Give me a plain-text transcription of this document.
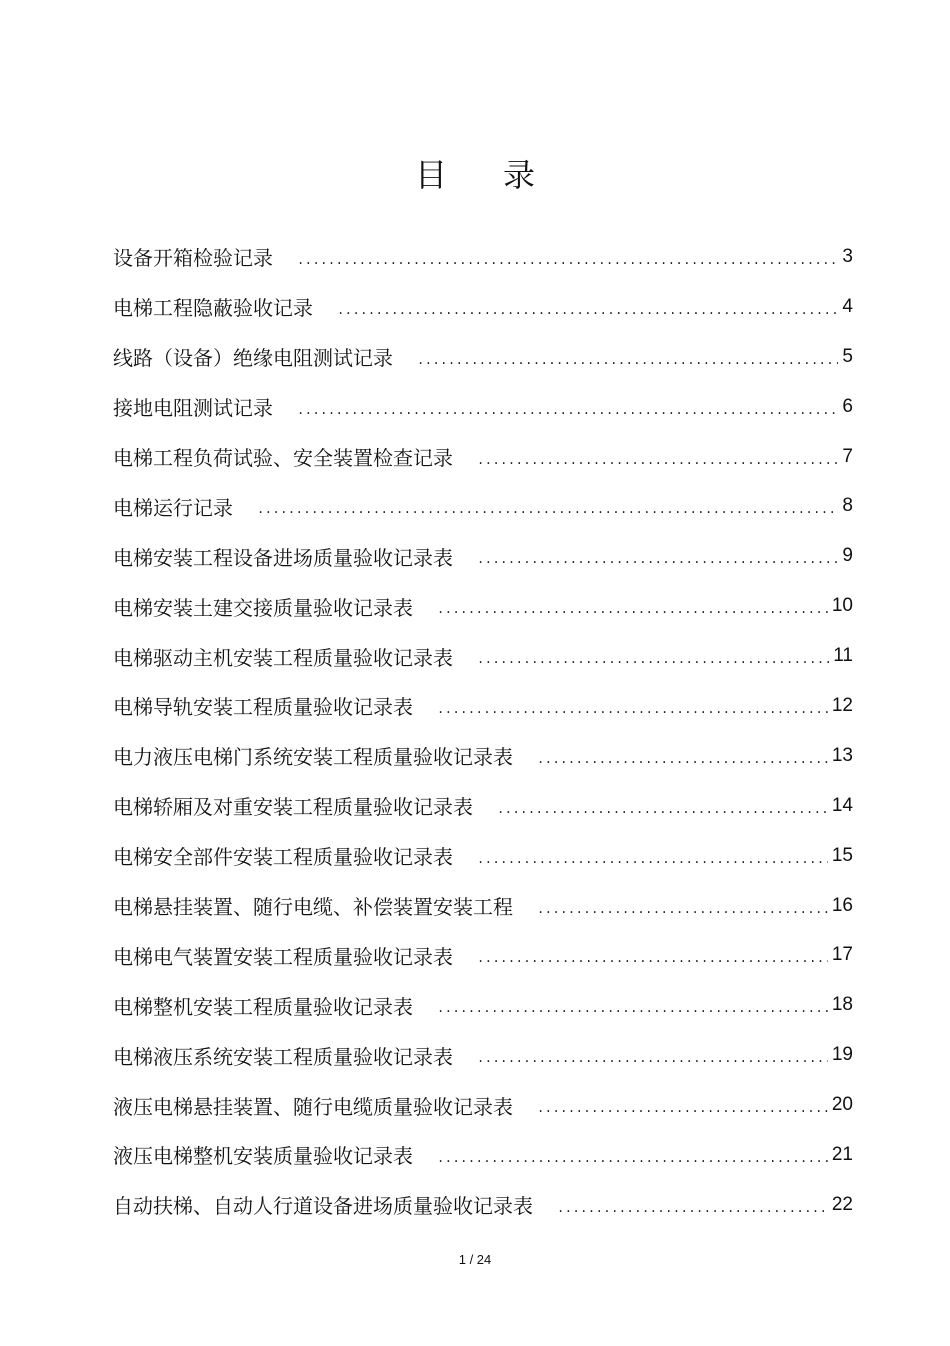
目 录
设备开箱检验记录 .....	3
电梯工程隐蔽验收记录 .....	4
线路（设备）绝缘电阻测试记录 .....	5
接地电阻测试记录 .....	6
电梯工程负荷试验、安全装置检查记录 .....	7
电梯运行记录 .....	8
电梯安装工程设备进场质量验收记录表 .....	9
电梯安装土建交接质量验收记录表 .....	10
电梯驱动主机安装工程质量验收记录表 .....	11
电梯导轨安装工程质量验收记录表 .....	12
电力液压电梯门系统安装工程质量验收记录表 .....	13
电梯轿厢及对重安装工程质量验收记录表 .....	14
电梯安全部件安装工程质量验收记录表 .....	15
电梯悬挂装置、随行电缆、补偿装置安装工程 .....	16
电梯电气装置安装工程质量验收记录表 .....	17
电梯整机安装工程质量验收记录表 .....	18
电梯液压系统安装工程质量验收记录表 .....	19
液压电梯悬挂装置、随行电缆质量验收记录表 .....	20
液压电梯整机安装质量验收记录表 .....	21
自动扶梯、自动人行道设备进场质量验收记录表 .....	22
1 / 24
